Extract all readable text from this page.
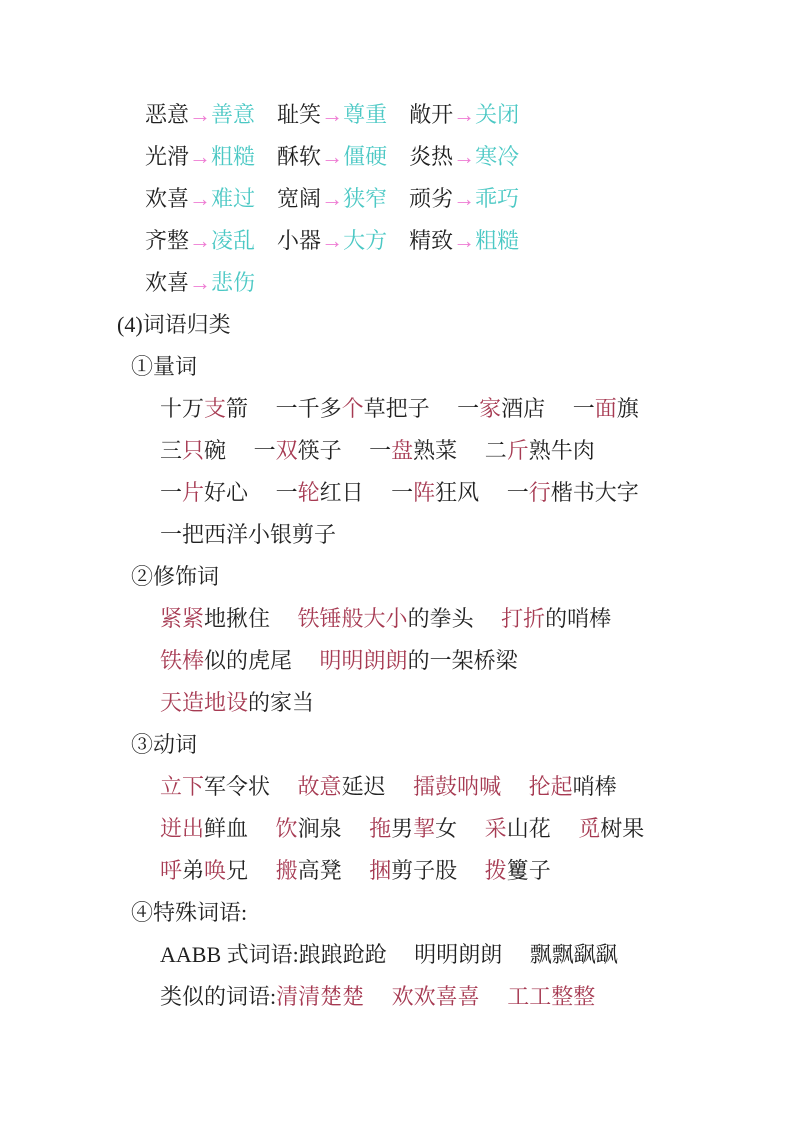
恶意→善意　 耻笑→尊重　 敞开→关闭
光滑→粗糙　 酥软→僵硬　 炎热→寒冷
欢喜→难过　 宽阔→狭窄　 顽劣→乖巧
齐整→凌乱　 小器→大方　 精致→粗糙
欢喜→悲伤
(4)词语归类
①量词
十万支箭　 一千多个草把子　 一家酒店　 一面旗
三只碗　 一双筷子　 一盘熟菜　 二斤熟牛肉
一片好心　 一轮红日　 一阵狂风　 一行楷书大字
一把西洋小银剪子
②修饰词
紧紧地揪住　 铁锤般大小的拳头　 打折的哨棒
铁棒似的虎尾　 明明朗朗的一架桥梁
天造地设的家当
③动词
立下军令状　 故意延迟　 擂鼓呐喊　 抡起哨棒
迸出鲜血　 饮涧泉　 拖男挈女　 采山花　 觅树果
呼弟唤兄　 搬高凳　 捆剪子股　 拨籰子
④特殊词语:
AABB 式词语:踉踉跄跄　 明明朗朗　 飘飘飖飖
类似的词语:清清楚楚　 欢欢喜喜　 工工整整
